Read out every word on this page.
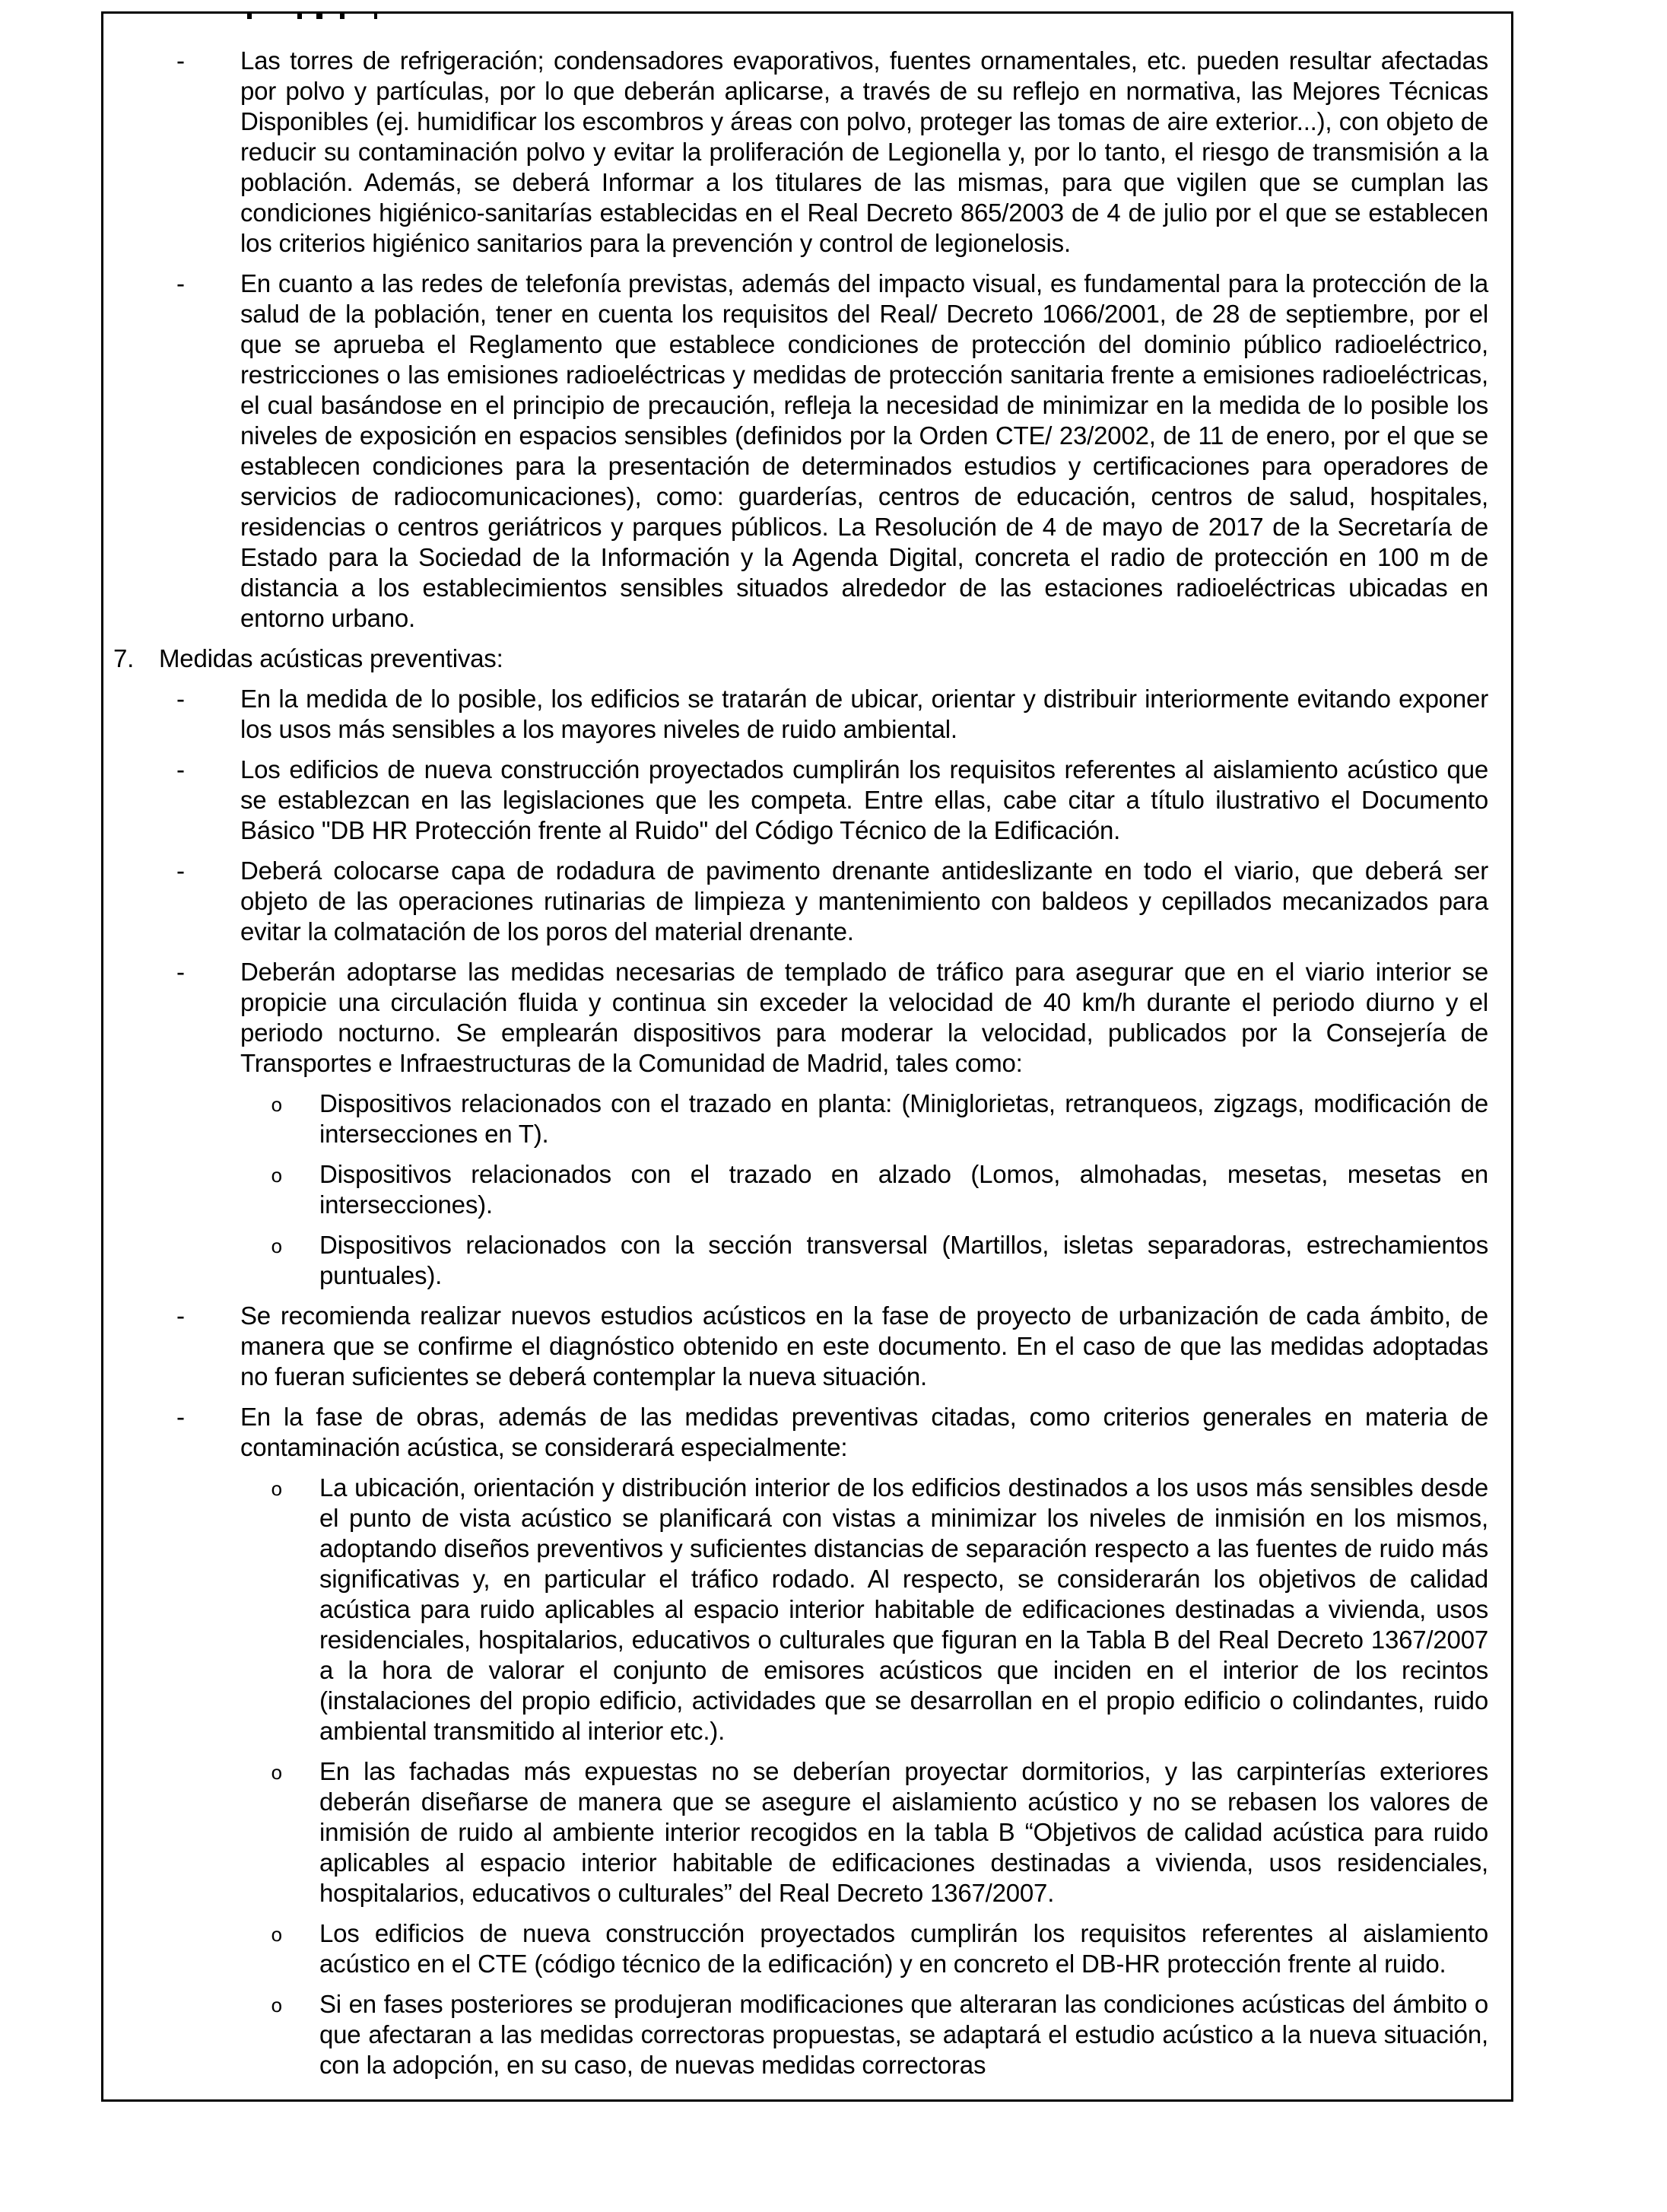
- Las torres de refrigeración; condensadores evaporativos, fuentes ornamentales, etc. pueden resultar afectadas por polvo y partículas, por lo que deberán aplicarse, a través de su reflejo en normativa, las Mejores Técnicas Disponibles (ej. humidificar los escombros y áreas con polvo, proteger las tomas de aire exterior...), con objeto de reducir su contaminación polvo y evitar la proliferación de Legionella y, por lo tanto, el riesgo de transmisión a la población. Además, se deberá Informar a los titulares de las mismas, para que vigilen que se cumplan las condiciones higiénico-sanitarías establecidas en el Real Decreto 865/2003 de 4 de julio por el que se establecen los criterios higiénico sanitarios para la prevención y control de legionelosis.
- En cuanto a las redes de telefonía previstas, además del impacto visual, es fundamental para la protección de la salud de la población, tener en cuenta los requisitos del Real/ Decreto 1066/2001, de 28 de septiembre, por el que se aprueba el Reglamento que establece condiciones de protección del dominio público radioeléctrico, restricciones o las emisiones radioeléctricas y medidas de protección sanitaria frente a emisiones radioeléctricas, el cual basándose en el principio de precaución, refleja la necesidad de minimizar en la medida de lo posible los niveles de exposición en espacios sensibles (definidos por la Orden CTE/ 23/2002, de 11 de enero, por el que se establecen condiciones para la presentación de determinados estudios y certificaciones para operadores de servicios de radiocomunicaciones), como: guarderías, centros de educación, centros de salud, hospitales, residencias o centros geriátricos y parques públicos. La Resolución de 4 de mayo de 2017 de la Secretaría de Estado para la Sociedad de la Información y la Agenda Digital, concreta el radio de protección en 100 m de distancia a los establecimientos sensibles situados alrededor de las estaciones radioeléctricas ubicadas en entorno urbano.
7. Medidas acústicas preventivas:
- En la medida de lo posible, los edificios se tratarán de ubicar, orientar y distribuir interiormente evitando exponer los usos más sensibles a los mayores niveles de ruido ambiental.
- Los edificios de nueva construcción proyectados cumplirán los requisitos referentes al aislamiento acústico que se establezcan en las legislaciones que les competa. Entre ellas, cabe citar a título ilustrativo el Documento Básico "DB HR Protección frente al Ruido" del Código Técnico de la Edificación.
- Deberá colocarse capa de rodadura de pavimento drenante antideslizante en todo el viario, que deberá ser objeto de las operaciones rutinarias de limpieza y mantenimiento con baldeos y cepillados mecanizados para evitar la colmatación de los poros del material drenante.
- Deberán adoptarse las medidas necesarias de templado de tráfico para asegurar que en el viario interior se propicie una circulación fluida y continua sin exceder la velocidad de 40 km/h durante el periodo diurno y el periodo nocturno. Se emplearán dispositivos para moderar la velocidad, publicados por la Consejería de Transportes e Infraestructuras de la Comunidad de Madrid, tales como:
o Dispositivos relacionados con el trazado en planta: (Miniglorietas, retranqueos, zigzags, modificación de intersecciones en T).
o Dispositivos relacionados con el trazado en alzado (Lomos, almohadas, mesetas, mesetas en intersecciones).
o Dispositivos relacionados con la sección transversal (Martillos, isletas separadoras, estrechamientos puntuales).
- Se recomienda realizar nuevos estudios acústicos en la fase de proyecto de urbanización de cada ámbito, de manera que se confirme el diagnóstico obtenido en este documento. En el caso de que las medidas adoptadas no fueran suficientes se deberá contemplar la nueva situación.
- En la fase de obras, además de las medidas preventivas citadas, como criterios generales en materia de contaminación acústica, se considerará especialmente:
o La ubicación, orientación y distribución interior de los edificios destinados a los usos más sensibles desde el punto de vista acústico se planificará con vistas a minimizar los niveles de inmisión en los mismos, adoptando diseños preventivos y suficientes distancias de separación respecto a las fuentes de ruido más significativas y, en particular el tráfico rodado. Al respecto, se considerarán los objetivos de calidad acústica para ruido aplicables al espacio interior habitable de edificaciones destinadas a vivienda, usos residenciales, hospitalarios, educativos o culturales que figuran en la Tabla B del Real Decreto 1367/2007 a la hora de valorar el conjunto de emisores acústicos que inciden en el interior de los recintos (instalaciones del propio edificio, actividades que se desarrollan en el propio edificio o colindantes, ruido ambiental transmitido al interior etc.).
o En las fachadas más expuestas no se deberían proyectar dormitorios, y las carpinterías exteriores deberán diseñarse de manera que se asegure el aislamiento acústico y no se rebasen los valores de inmisión de ruido al ambiente interior recogidos en la tabla B “Objetivos de calidad acústica para ruido aplicables al espacio interior habitable de edificaciones destinadas a vivienda, usos residenciales, hospitalarios, educativos o culturales” del Real Decreto 1367/2007.
o Los edificios de nueva construcción proyectados cumplirán los requisitos referentes al aislamiento acústico en el CTE (código técnico de la edificación) y en concreto el DB-HR protección frente al ruido.
o Si en fases posteriores se produjeran modificaciones que alteraran las condiciones acústicas del ámbito o que afectaran a las medidas correctoras propuestas, se adaptará el estudio acústico a la nueva situación, con la adopción, en su caso, de nuevas medidas correctoras
